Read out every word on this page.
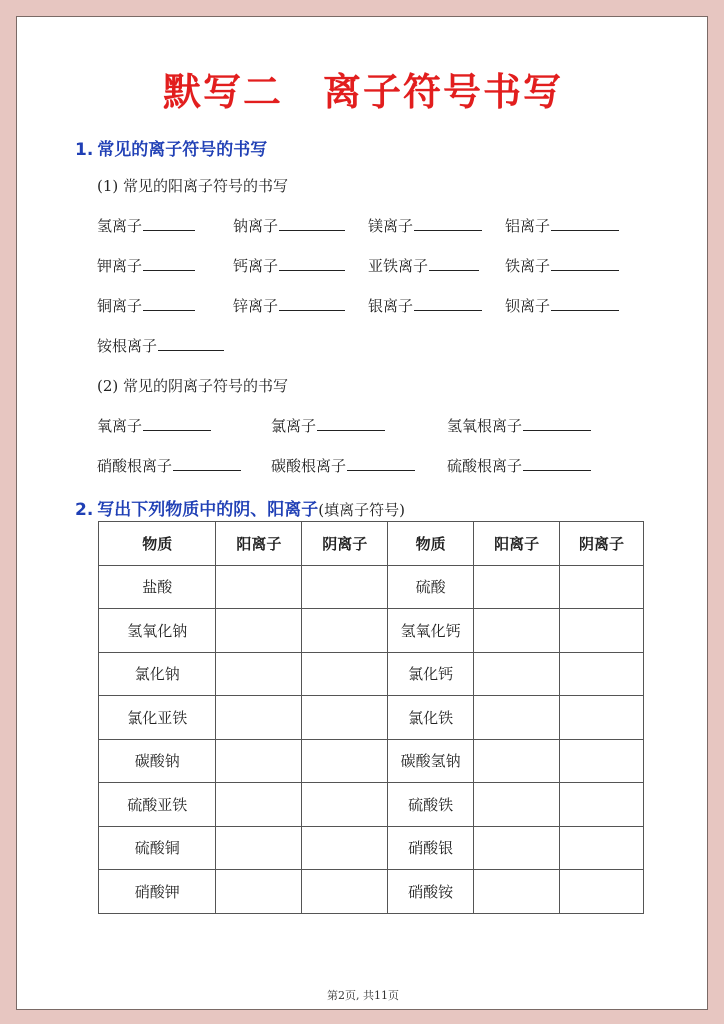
默写二　离子符号书写
1. 常见的离子符号的书写
(1) 常见的阳离子符号的书写
氢离子	钠离子	镁离子	铝离子
钾离子	钙离子	亚铁离子	铁离子
铜离子	锌离子	银离子	钡离子
铵根离子
(2) 常见的阴离子符号的书写
氧离子	氯离子	氢氧根离子
硝酸根离子	碳酸根离子	硫酸根离子
2. 写出下列物质中的阴、阳离子(填离子符号)
物质	阳离子	阴离子	物质	阳离子	阴离子
盐酸			硫酸		
氢氧化钠			氢氧化钙		
氯化钠			氯化钙		
氯化亚铁			氯化铁		
碳酸钠			碳酸氢钠		
硫酸亚铁			硫酸铁		
硫酸铜			硝酸银		
硝酸钾			硝酸铵		
第2页, 共11页
